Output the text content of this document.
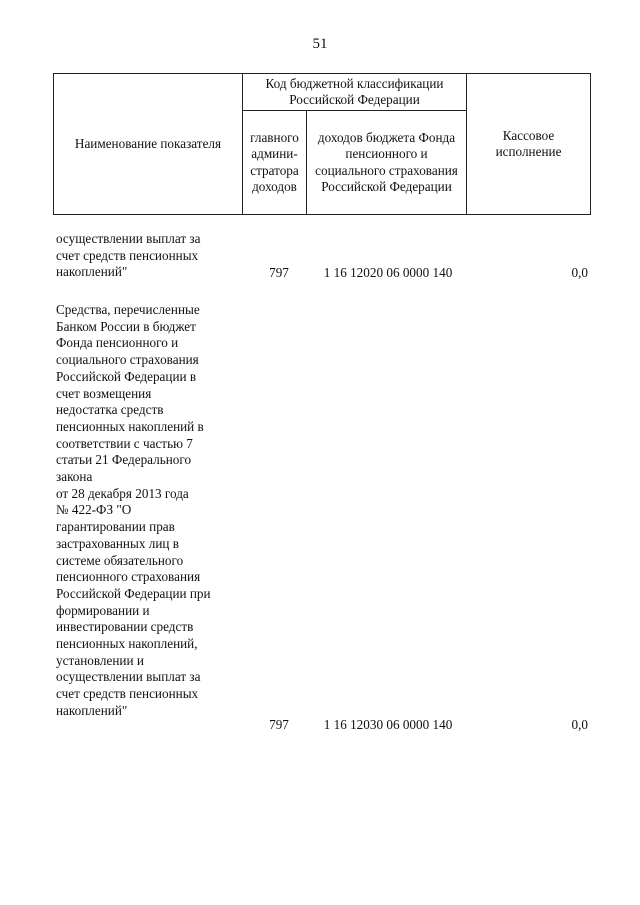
51
Наименование показателя	Код бюджетной классификации Российской Федерации		Кассовое исполнение
	главного админи-стратора доходов	доходов бюджета Фонда пенсионного и социального страхования Российской Федерации	
осуществлении выплат за
счет средств пенсионных
накоплений"	797	1 16 12020 06 0000 140	0,0
Средства, перечисленные
Банком России в бюджет
Фонда пенсионного и
социального страхования
Российской Федерации в
счет возмещения
недостатка средств
пенсионных накоплений в
соответствии с частью 7
статьи 21 Федерального
закона
от 28 декабря 2013 года
№ 422-ФЗ "О
гарантировании прав
застрахованных лиц в
системе обязательного
пенсионного страхования
Российской Федерации при
формировании и
инвестировании средств
пенсионных накоплений,
установлении и
осуществлении выплат за
счет средств пенсионных
накоплений"
797	1 16 12030 06 0000 140	0,0
